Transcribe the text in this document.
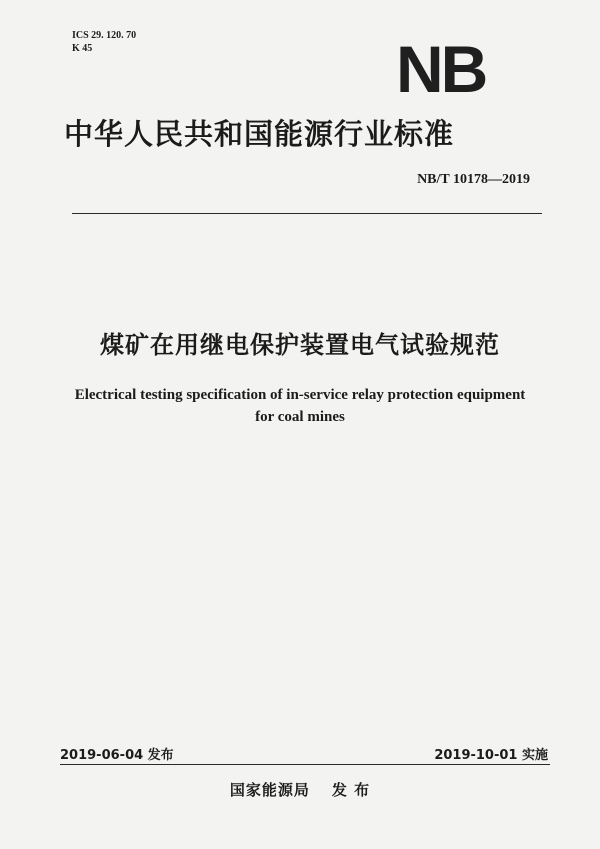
ICS 29. 120. 70
K 45	NB
中华人民共和国能源行业标准
NB/T 10178—2019
煤矿在用继电保护装置电气试验规范
Electrical testing specification of in-service relay protection equipment
for coal mines
2019-06-04 发布	2019-10-01 实施
国家能源局 发 布
